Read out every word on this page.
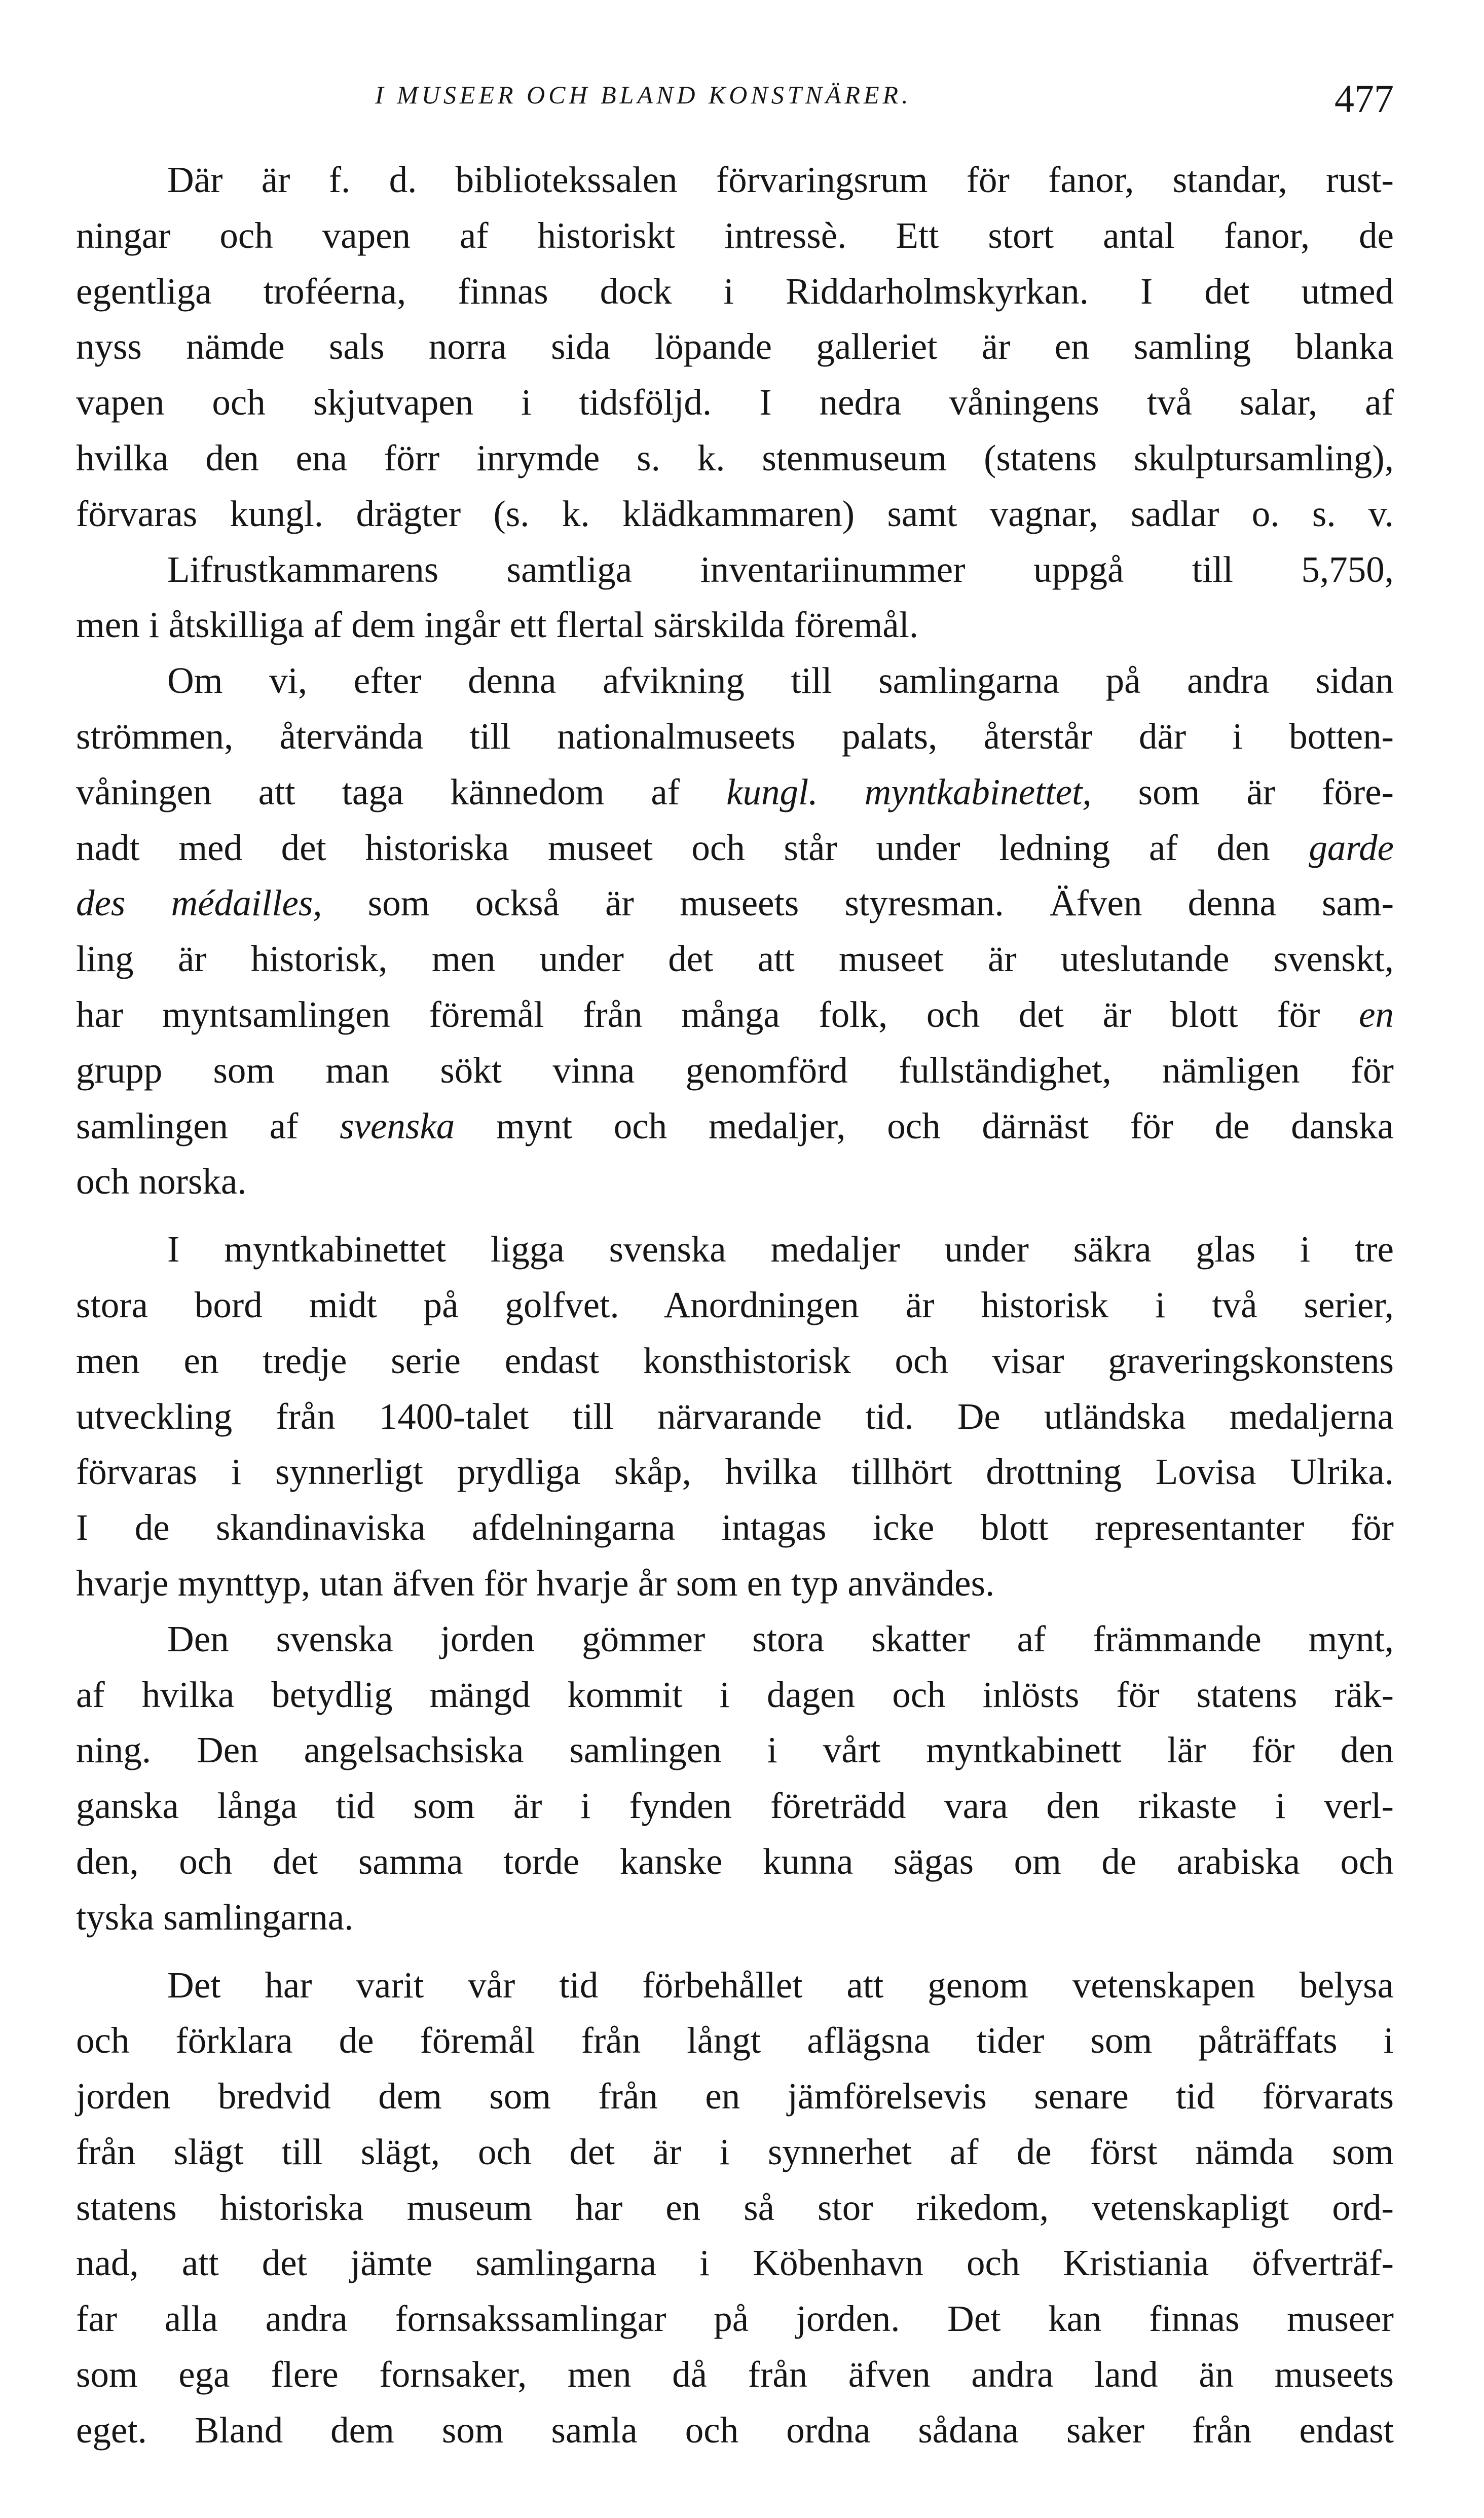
I MUSEER OCH BLAND KONSTNÄRER.	477
Där är f. d. bibliotekssalen förvaringsrum för fanor, standar, rust-
ningar och vapen af historiskt intressè. Ett stort antal fanor, de
egentliga troféerna, finnas dock i Riddarholmskyrkan. I det utmed
nyss nämde sals norra sida löpande galleriet är en samling blanka
vapen och skjutvapen i tidsföljd. I nedra våningens två salar, af
hvilka den ena förr inrymde s. k. stenmuseum (statens skulptursamling),
förvaras kungl. drägter (s. k. klädkammaren) samt vagnar, sadlar o. s. v.
Lifrustkammarens samtliga inventariinummer uppgå till 5,750,
men i åtskilliga af dem ingår ett flertal särskilda föremål.
Om vi, efter denna afvikning till samlingarna på andra sidan
strömmen, återvända till nationalmuseets palats, återstår där i botten-
våningen att taga kännedom af kungl. myntkabinettet, som är före-
nadt med det historiska museet och står under ledning af den garde
des médailles, som också är museets styresman. Äfven denna sam-
ling är historisk, men under det att museet är uteslutande svenskt,
har myntsamlingen föremål från många folk, och det är blott för en
grupp som man sökt vinna genomförd fullständighet, nämligen för
samlingen af svenska mynt och medaljer, och därnäst för de danska
och norska.
I myntkabinettet ligga svenska medaljer under säkra glas i tre
stora bord midt på golfvet. Anordningen är historisk i två serier,
men en tredje serie endast konsthistorisk och visar graveringskonstens
utveckling från 1400-talet till närvarande tid. De utländska medaljerna
förvaras i synnerligt prydliga skåp, hvilka tillhört drottning Lovisa Ulrika.
I de skandinaviska afdelningarna intagas icke blott representanter för
hvarje mynttyp, utan äfven för hvarje år som en typ användes.
Den svenska jorden gömmer stora skatter af främmande mynt,
af hvilka betydlig mängd kommit i dagen och inlösts för statens räk-
ning. Den angelsachsiska samlingen i vårt myntkabinett lär för den
ganska långa tid som är i fynden företrädd vara den rikaste i verl-
den, och det samma torde kanske kunna sägas om de arabiska och
tyska samlingarna.
Det har varit vår tid förbehållet att genom vetenskapen belysa
och förklara de föremål från långt aflägsna tider som påträffats i
jorden bredvid dem som från en jämförelsevis senare tid förvarats
från slägt till slägt, och det är i synnerhet af de först nämda som
statens historiska museum har en så stor rikedom, vetenskapligt ord-
nad, att det jämte samlingarna i Köbenhavn och Kristiania öfverträf-
far alla andra fornsakssamlingar på jorden. Det kan finnas museer
som ega flere fornsaker, men då från äfven andra land än museets
eget. Bland dem som samla och ordna sådana saker från endast
